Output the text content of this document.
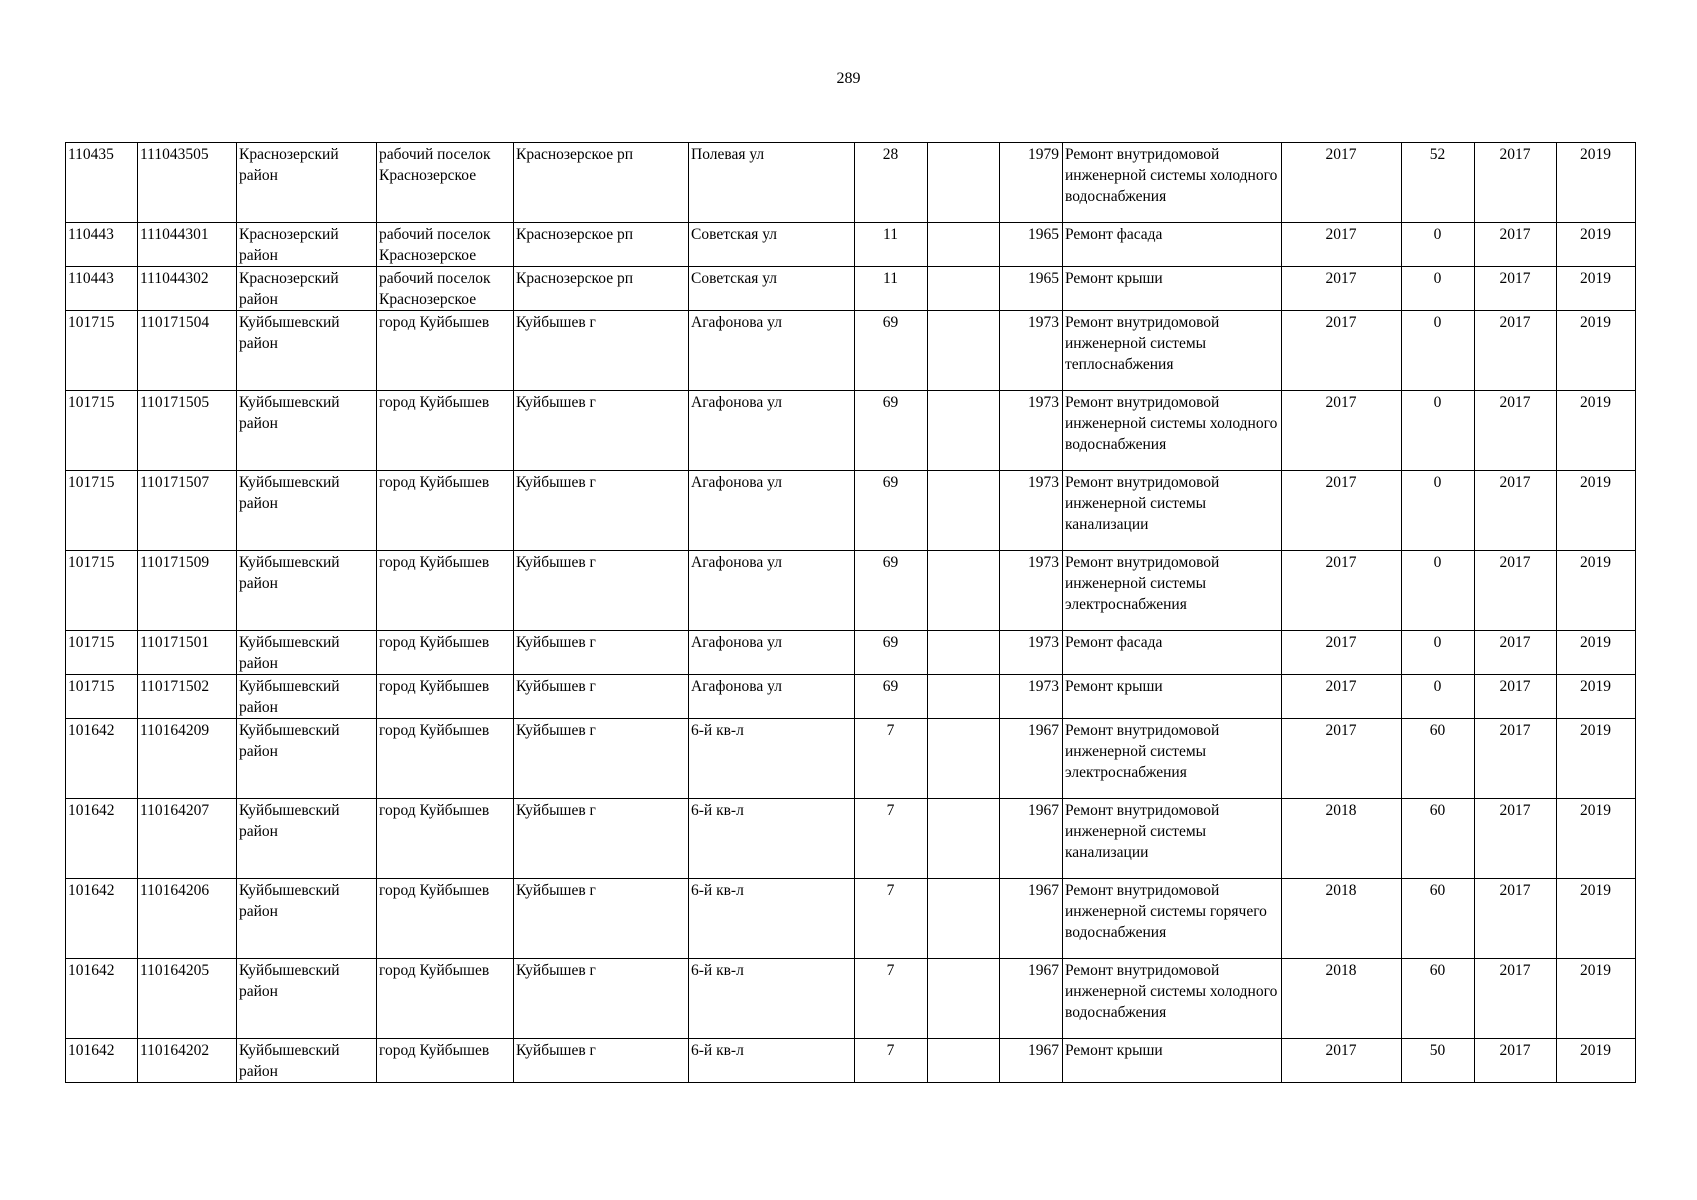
289
110435	111043505	Краснозерский район	рабочий поселок Краснозерское	Краснозерское рп	Полевая ул	28		1979	Ремонт внутридомовой инженерной системы холодного водоснабжения	2017	52	2017	2019
110443	111044301	Краснозерский район	рабочий поселок Краснозерское	Краснозерское рп	Советская ул	11		1965	Ремонт фасада	2017	0	2017	2019
110443	111044302	Краснозерский район	рабочий поселок Краснозерское	Краснозерское рп	Советская ул	11		1965	Ремонт крыши	2017	0	2017	2019
101715	110171504	Куйбышевский район	город Куйбышев	Куйбышев г	Агафонова ул	69		1973	Ремонт внутридомовой инженерной системы теплоснабжения	2017	0	2017	2019
101715	110171505	Куйбышевский район	город Куйбышев	Куйбышев г	Агафонова ул	69		1973	Ремонт внутридомовой инженерной системы холодного водоснабжения	2017	0	2017	2019
101715	110171507	Куйбышевский район	город Куйбышев	Куйбышев г	Агафонова ул	69		1973	Ремонт внутридомовой инженерной системы канализации	2017	0	2017	2019
101715	110171509	Куйбышевский район	город Куйбышев	Куйбышев г	Агафонова ул	69		1973	Ремонт внутридомовой инженерной системы электроснабжения	2017	0	2017	2019
101715	110171501	Куйбышевский район	город Куйбышев	Куйбышев г	Агафонова ул	69		1973	Ремонт фасада	2017	0	2017	2019
101715	110171502	Куйбышевский район	город Куйбышев	Куйбышев г	Агафонова ул	69		1973	Ремонт крыши	2017	0	2017	2019
101642	110164209	Куйбышевский район	город Куйбышев	Куйбышев г	6-й кв-л	7		1967	Ремонт внутридомовой инженерной системы электроснабжения	2017	60	2017	2019
101642	110164207	Куйбышевский район	город Куйбышев	Куйбышев г	6-й кв-л	7		1967	Ремонт внутридомовой инженерной системы канализации	2018	60	2017	2019
101642	110164206	Куйбышевский район	город Куйбышев	Куйбышев г	6-й кв-л	7		1967	Ремонт внутридомовой инженерной системы горячего водоснабжения	2018	60	2017	2019
101642	110164205	Куйбышевский район	город Куйбышев	Куйбышев г	6-й кв-л	7		1967	Ремонт внутридомовой инженерной системы холодного водоснабжения	2018	60	2017	2019
101642	110164202	Куйбышевский район	город Куйбышев	Куйбышев г	6-й кв-л	7		1967	Ремонт крыши	2017	50	2017	2019
